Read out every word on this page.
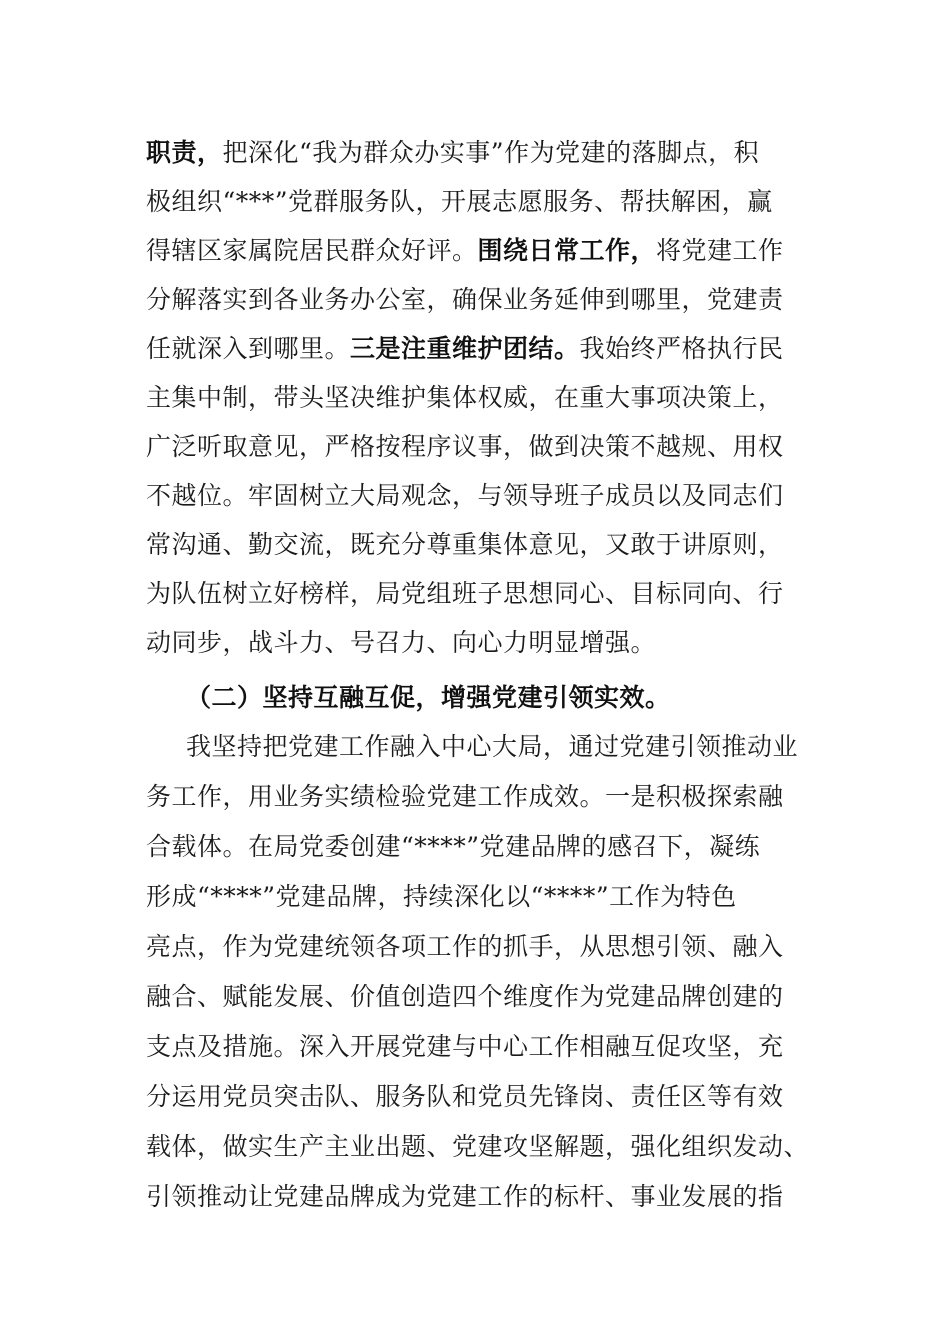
职责，把深化“我为群众办实事”作为党建的落脚点，积
极组织“***”党群服务队，开展志愿服务、帮扶解困，赢
得辖区家属院居民群众好评。围绕日常工作，将党建工作
分解落实到各业务办公室，确保业务延伸到哪里，党建责
任就深入到哪里。三是注重维护团结。我始终严格执行民
主集中制，带头坚决维护集体权威，在重大事项决策上，
广泛听取意见，严格按程序议事，做到决策不越规、用权
不越位。牢固树立大局观念，与领导班子成员以及同志们
常沟通、勤交流，既充分尊重集体意见，又敢于讲原则，
为队伍树立好榜样，局党组班子思想同心、目标同向、行
动同步，战斗力、号召力、向心力明显增强。
（二）坚持互融互促，增强党建引领实效。
我坚持把党建工作融入中心大局，通过党建引领推动业
务工作，用业务实绩检验党建工作成效。一是积极探索融
合载体。在局党委创建“****”党建品牌的感召下，凝练
形成“****”党建品牌，持续深化以“****”工作为特色
亮点，作为党建统领各项工作的抓手，从思想引领、融入
融合、赋能发展、价值创造四个维度作为党建品牌创建的
支点及措施。深入开展党建与中心工作相融互促攻坚，充
分运用党员突击队、服务队和党员先锋岗、责任区等有效
载体，做实生产主业出题、党建攻坚解题，强化组织发动、
引领推动让党建品牌成为党建工作的标杆、事业发展的指
